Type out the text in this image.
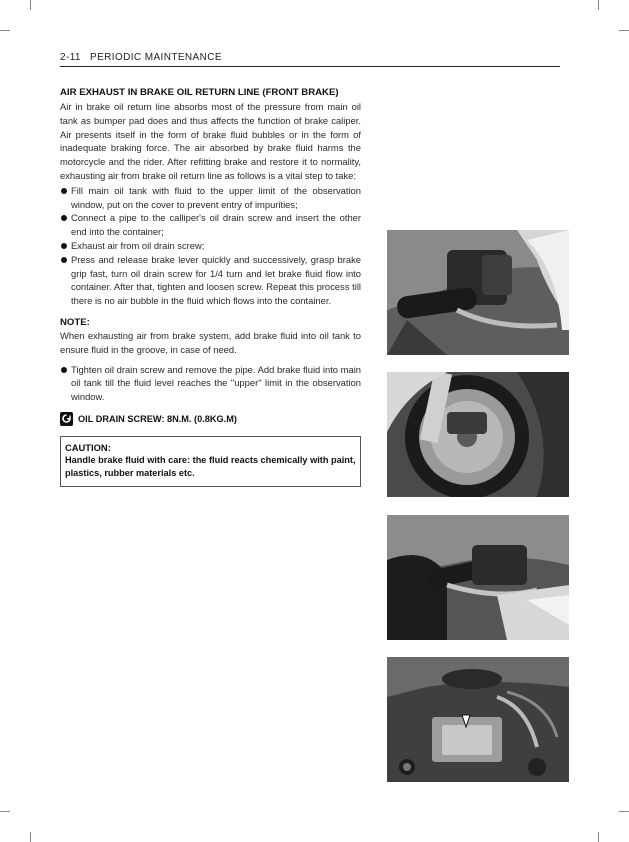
2-11 PERIODIC MAINTENANCE
AIR EXHAUST IN BRAKE OIL RETURN LINE (FRONT BRAKE)

Air in brake oil return line absorbs most of the pressure from main oil tank as bumper pad does and thus affects the function of brake caliper. Air presents itself in the form of brake fluid bubbles or in the form of inadequate braking force. The air absorbed by brake fluid harms the motorcycle and the rider. After refitting brake and restore it to normality, exhausting air from brake oil return line as follows is a vital step to take:

Fill main oil tank with fluid to the upper limit of the observation window, put on the cover to prevent entry of impurities;
Connect a pipe to the calliper's oil drain screw and insert the other end into the container;
Exhaust air from oil drain screw;
Press and release brake lever quickly and successively, grasp brake grip fast, turn oil drain screw for 1/4 turn and let brake fluid flow into container. After that, tighten and loosen screw. Repeat this process till there is no air bubble in the fluid which flows into the container.
NOTE:

When exhausting air from brake system, add brake fluid into oil tank to ensure fluid in the groove, in case of need.

Tighten oil drain screw and remove the pipe. Add brake fluid into main oil tank till the fluid level reaches the "upper" limit in the observation window.
OIL DRAIN SCREW: 8N.M. (0.8KG.M)
CAUTION:
Handle brake fluid with care: the fluid reacts chemically with paint, plastics, rubber materials etc.
